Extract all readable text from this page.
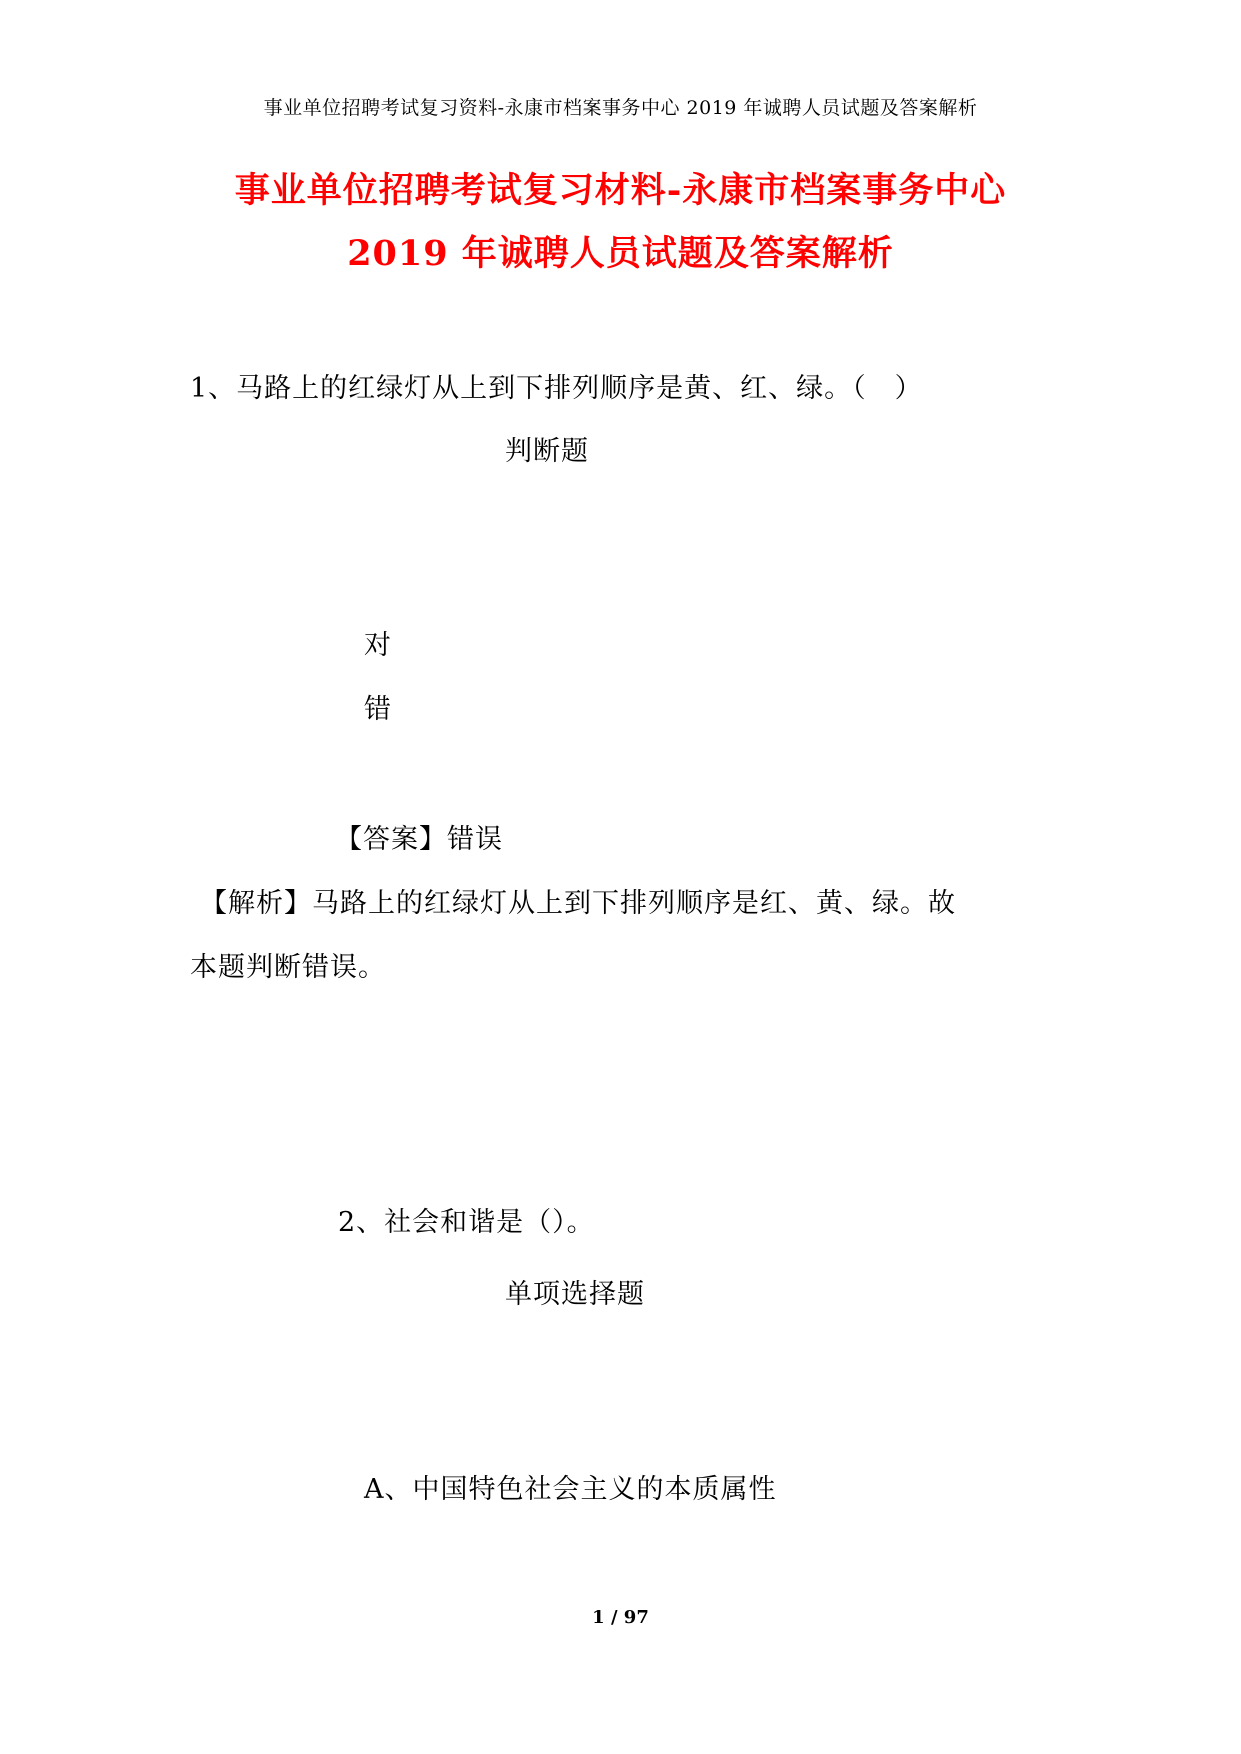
事业单位招聘考试复习资料-永康市档案事务中心 2019 年诚聘人员试题及答案解析
事业单位招聘考试复习材料-永康市档案事务中心
2019 年诚聘人员试题及答案解析
1、马路上的红绿灯从上到下排列顺序是黄、红、绿。（　）
判断题
对
错
【答案】错误
【解析】马路上的红绿灯从上到下排列顺序是红、黄、绿。故
本题判断错误。
2、社会和谐是（）。
单项选择题
A、中国特色社会主义的本质属性
1 / 97
